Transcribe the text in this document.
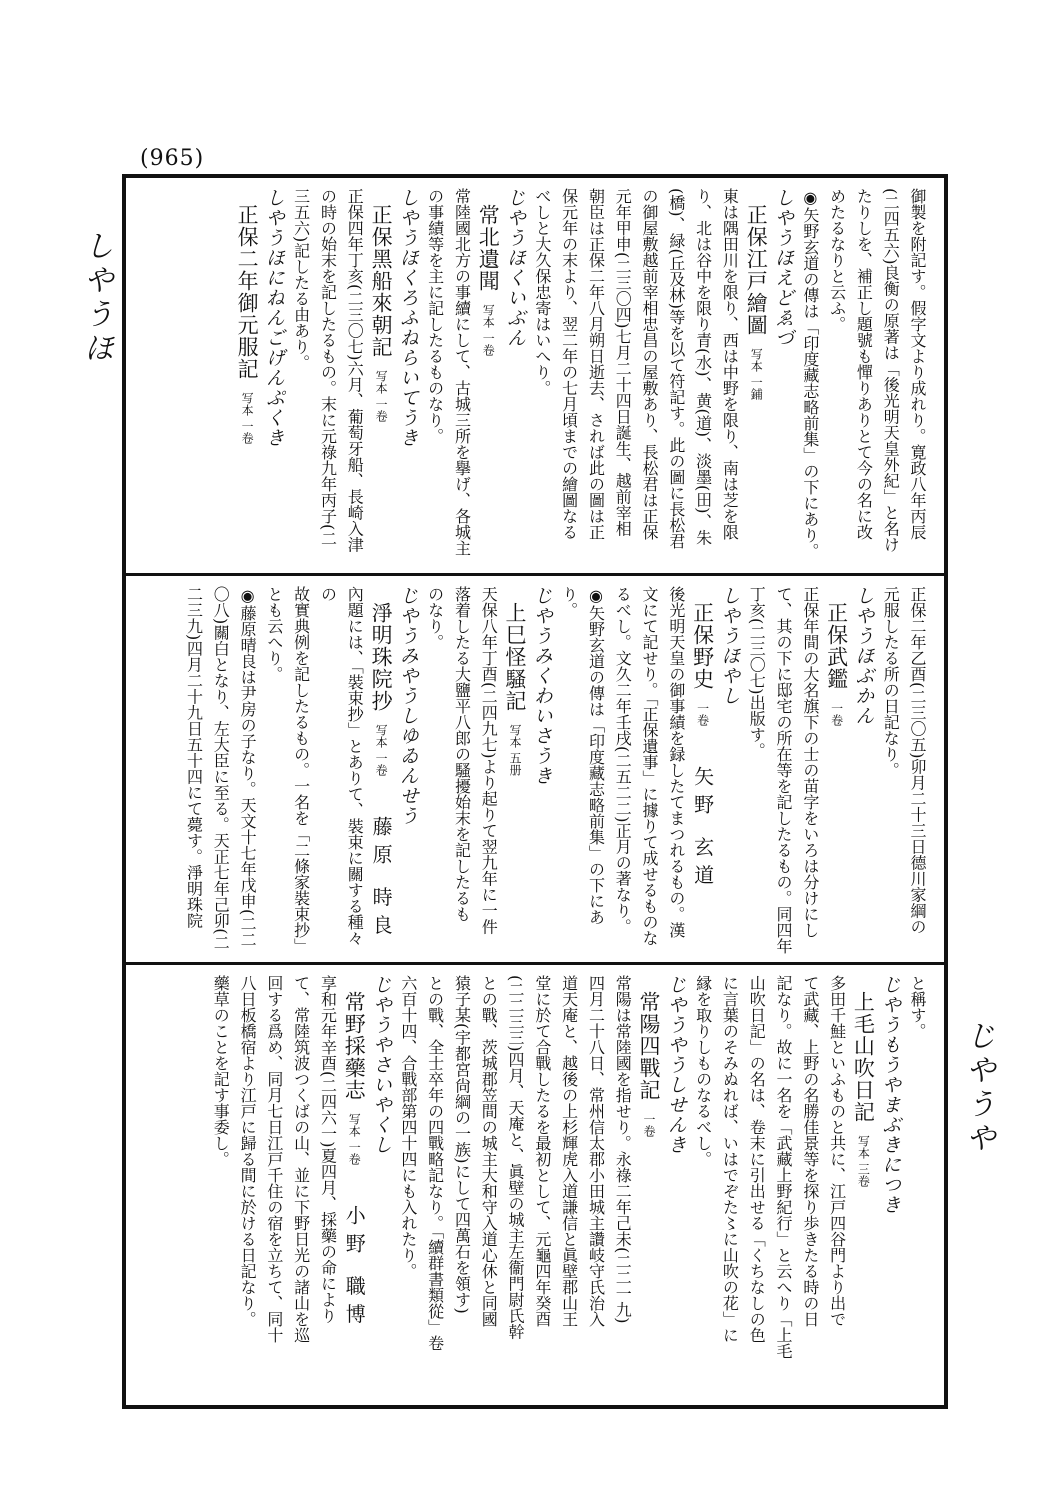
(965)
しやうほ
じやうや
御製を附記す。假字文より成れり。寛政八年丙辰
(二四五六)良衡の原著は「後光明天皇外紀」と名け
たりしを、補正し題號も憚りありとて今の名に改
めたるなりと云ふ。
◉矢野玄道の傳は「印度藏志略前集」の下にあり。
しやうほえどゑづ
正保江戸繪圖写本 一鋪
東は隅田川を限り、西は中野を限り、南は芝を限
り、北は谷中を限り青(水)、黄(道)、淡墨(田)、朱
(橋)、緑(丘及林)等を以て符記す。此の圖に長松君
の御屋敷越前宰相忠昌の屋敷あり、長松君は正保
元年甲申(二三〇四)七月二十四日誕生、越前宰相
朝臣は正保二年八月朔日逝去、されば此の圖は正
保元年の末より、翌二年の七月頃までの繪圖なる
べしと大久保忠寄はいへり。
じやうほくいぶん
常北遺聞写本 一卷
常陸國北方の事續にして、古城三所を擧げ、各城主
の事績等を主に記したるものなり。
しやうほくろふねらいてうき
正保黑船來朝記写本 一卷
正保四年丁亥(二三〇七)六月、葡萄牙船、長崎入津
の時の始末を記したるもの。末に元祿九年丙子(二
三五六)記したる由あり。
しやうほにねんごげんぷくき
正保二年御元服記写本 一卷
正保二年乙酉(二三〇五)卯月二十三日德川家綱の
元服したる所の日記なり。
しやうほぶかん
正保武鑑一卷
正保年間の大名旗下の士の苗字をいろは分けにし
て、其の下に邸宅の所在等を記したるもの。同四年
丁亥(二三〇七)出版す。
しやうほやし
正保野史一卷矢野 玄道
後光明天皇の御事績を録したてまつれるもの。漢
文にて記せり。「正保遺事」に據りて成せるものな
るべし。文久二年壬戌(二五二二)正月の著なり。
◉矢野玄道の傳は「印度藏志略前集」の下にあり。
じやうみくわいさうき
上巳怪騷記写本 五册
天保八年丁酉(二四九七)より起りて翌九年に一件
落着したる大鹽平八郎の騷擾始末を記したるも
のなり。
じやうみやうしゆゐんせう
淨明珠院抄写本 一卷藤原 時良
內題には、「裝束抄」とありて、裝束に關する種々の
故實典例を記したるもの。一名を「二條家裝束抄」
とも云へり。
◉藤原晴良は尹房の子なり。天文十七年戊申(二二
〇八)關白となり、左大臣に至る。天正七年己卯(二
二三九)四月二十九日五十四にて薨す。淨明珠院
と稱す。
じやうもうやまぶきにつき
上毛山吹日記写本 三卷
多田千鮭といふものと共に、江戸四谷門より出で
て武藏、上野の名勝佳景等を探り歩きたる時の日
記なり。故に一名を「武藏上野紀行」と云へり「上毛
山吹日記」の名は、卷末に引出せる「くちなしの色
に言葉のそみぬれば、いはでぞた〻に山吹の花」に
縁を取りしものなるべし。
じやうやうしせんき
常陽四戰記一卷
常陽は常陸國を指せり。永祿二年己未(二二一九)
四月二十八日、常州信太郡小田城主讚岐守氏治入
道天庵と、越後の上杉輝虎入道謙信と眞壁郡山王
堂に於て合戰したるを最初として、元龜四年癸酉
(二二三三)四月、天庵と、眞壁の城主左衞門尉氏幹
との戰、茨城郡笠間の城主大和守入道心休と同國
猿子某(宇都宮尙綱の一族)にして四萬石を領す)
との戰、全士卒年の四戰略記なり。「續群書類從」卷
六百十四、合戰部第四十四にも入れたり。
じやうやさいやくし
常野採藥志写本 一卷小野 職博
享和元年辛酉(二四六一)夏四月、採藥の命により
て、常陸筑波つくばの山、並に下野日光の諸山を巡
回する爲め、同月七日江戸千住の宿を立ちて、同十
八日板橋宿より江戸に歸る間に於ける日記なり。
藥草のことを記す事委し。
